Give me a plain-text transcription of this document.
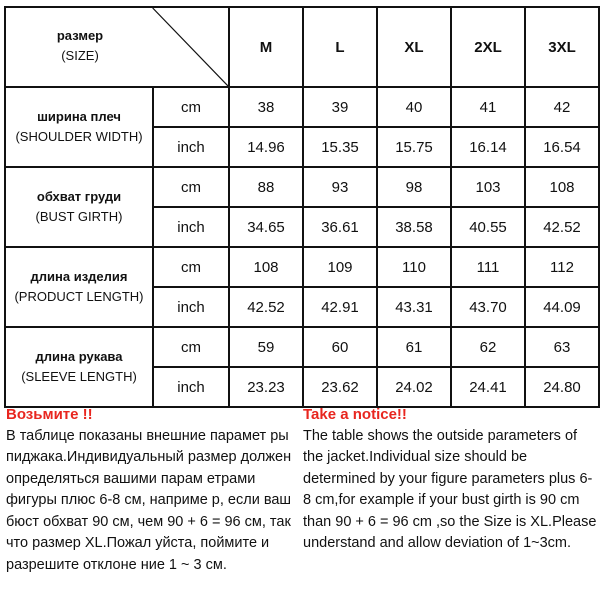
размер
(SIZE)		M	L	XL	2XL	3XL

ширина плеч
(SHOULDER WIDTH)	cm	38	39	40	41	42
	inch	14.96	15.35	15.75	16.14	16.54

обхват груди
(BUST GIRTH)	cm	88	93	98	103	108
	inch	34.65	36.61	38.58	40.55	42.52

длина изделия
(PRODUCT LENGTH)	cm	108	109	110	111	112
	inch	42.52	42.91	43.31	43.70	44.09

длина рукава
(SLEEVE LENGTH)	cm	59	60	61	62	63
	inch	23.23	23.62	24.02	24.41	24.80

Возьмите !!

В таблице показаны внешние парамет ры пиджака.Индивидуальный размер должен определяться вашими парам етрами фигуры плюс 6-8 см, наприме р, если ваш бюст обхват 90 см, чем 90 + 6 = 96 см, так что размер XL.Пожал уйста, поймите и разрешите отклоне ние 1 ~ 3 см.

Take a notice!!

The table shows the outside parameters of the jacket.Individual size should be determined by your figure parameters plus 6-8 cm,for example if your bust girth is 90 cm than 90 + 6 = 96 cm ,so the Size is XL.Please understand and allow deviation of 1~3cm.
